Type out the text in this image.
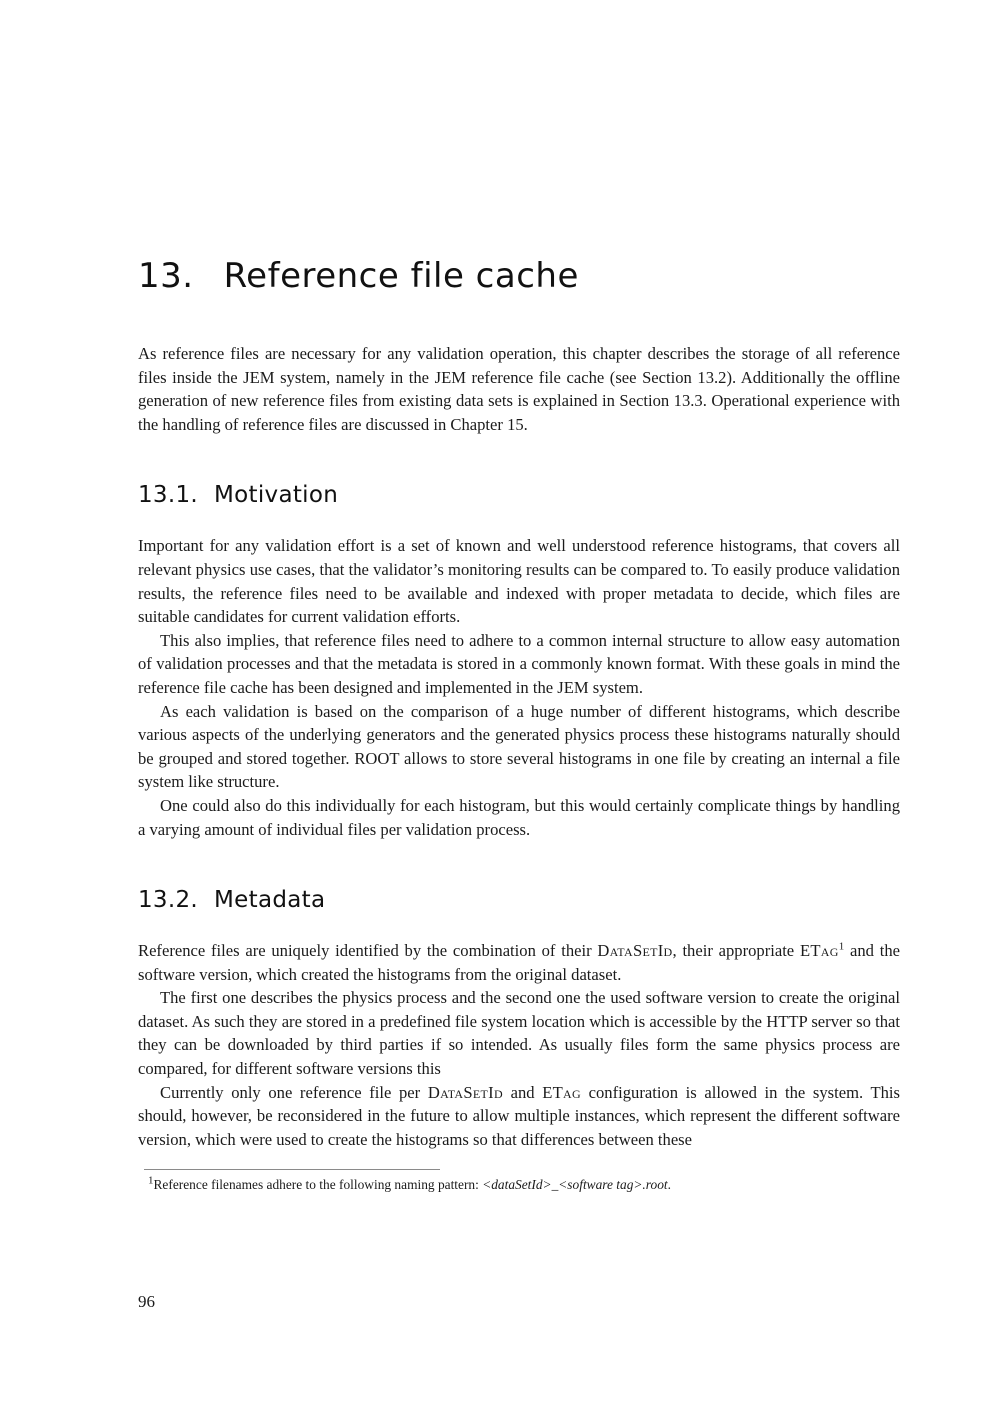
13. Reference file cache

As reference files are necessary for any validation operation, this chapter describes the storage of all reference files inside the JEM system, namely in the JEM reference file cache (see Section 13.2). Additionally the offline generation of new reference files from existing data sets is explained in Section 13.3. Operational experience with the handling of reference files are discussed in Chapter 15.

13.1. Motivation

Important for any validation effort is a set of known and well understood reference histograms, that covers all relevant physics use cases, that the validator’s monitoring results can be compared to. To easily produce validation results, the reference files need to be available and indexed with proper metadata to decide, which files are suitable candidates for current validation efforts.

This also implies, that reference files need to adhere to a common internal structure to allow easy automation of validation processes and that the metadata is stored in a commonly known format. With these goals in mind the reference file cache has been designed and implemented in the JEM system.

As each validation is based on the comparison of a huge number of different histograms, which describe various aspects of the underlying generators and the generated physics process these histograms naturally should be grouped and stored together. ROOT allows to store several histograms in one file by creating an internal a file system like structure.

One could also do this individually for each histogram, but this would certainly complicate things by handling a varying amount of individual files per validation process.

13.2. Metadata

Reference files are uniquely identified by the combination of their DataSetId, their appropriate ETag$^1$ and the software version, which created the histograms from the original dataset.

The first one describes the physics process and the second one the used software version to create the original dataset. As such they are stored in a predefined file system location which is accessible by the HTTP server so that they can be downloaded by third parties if so intended. As usually files form the same physics process are compared, for different software versions this

Currently only one reference file per DataSetId and ETag configuration is allowed in the system. This should, however, be reconsidered in the future to allow multiple instances, which represent the different software version, which were used to create the histograms so that differences between these

$^1$Reference filenames adhere to the following naming pattern: <dataSetId>_<software tag>.root.

96
